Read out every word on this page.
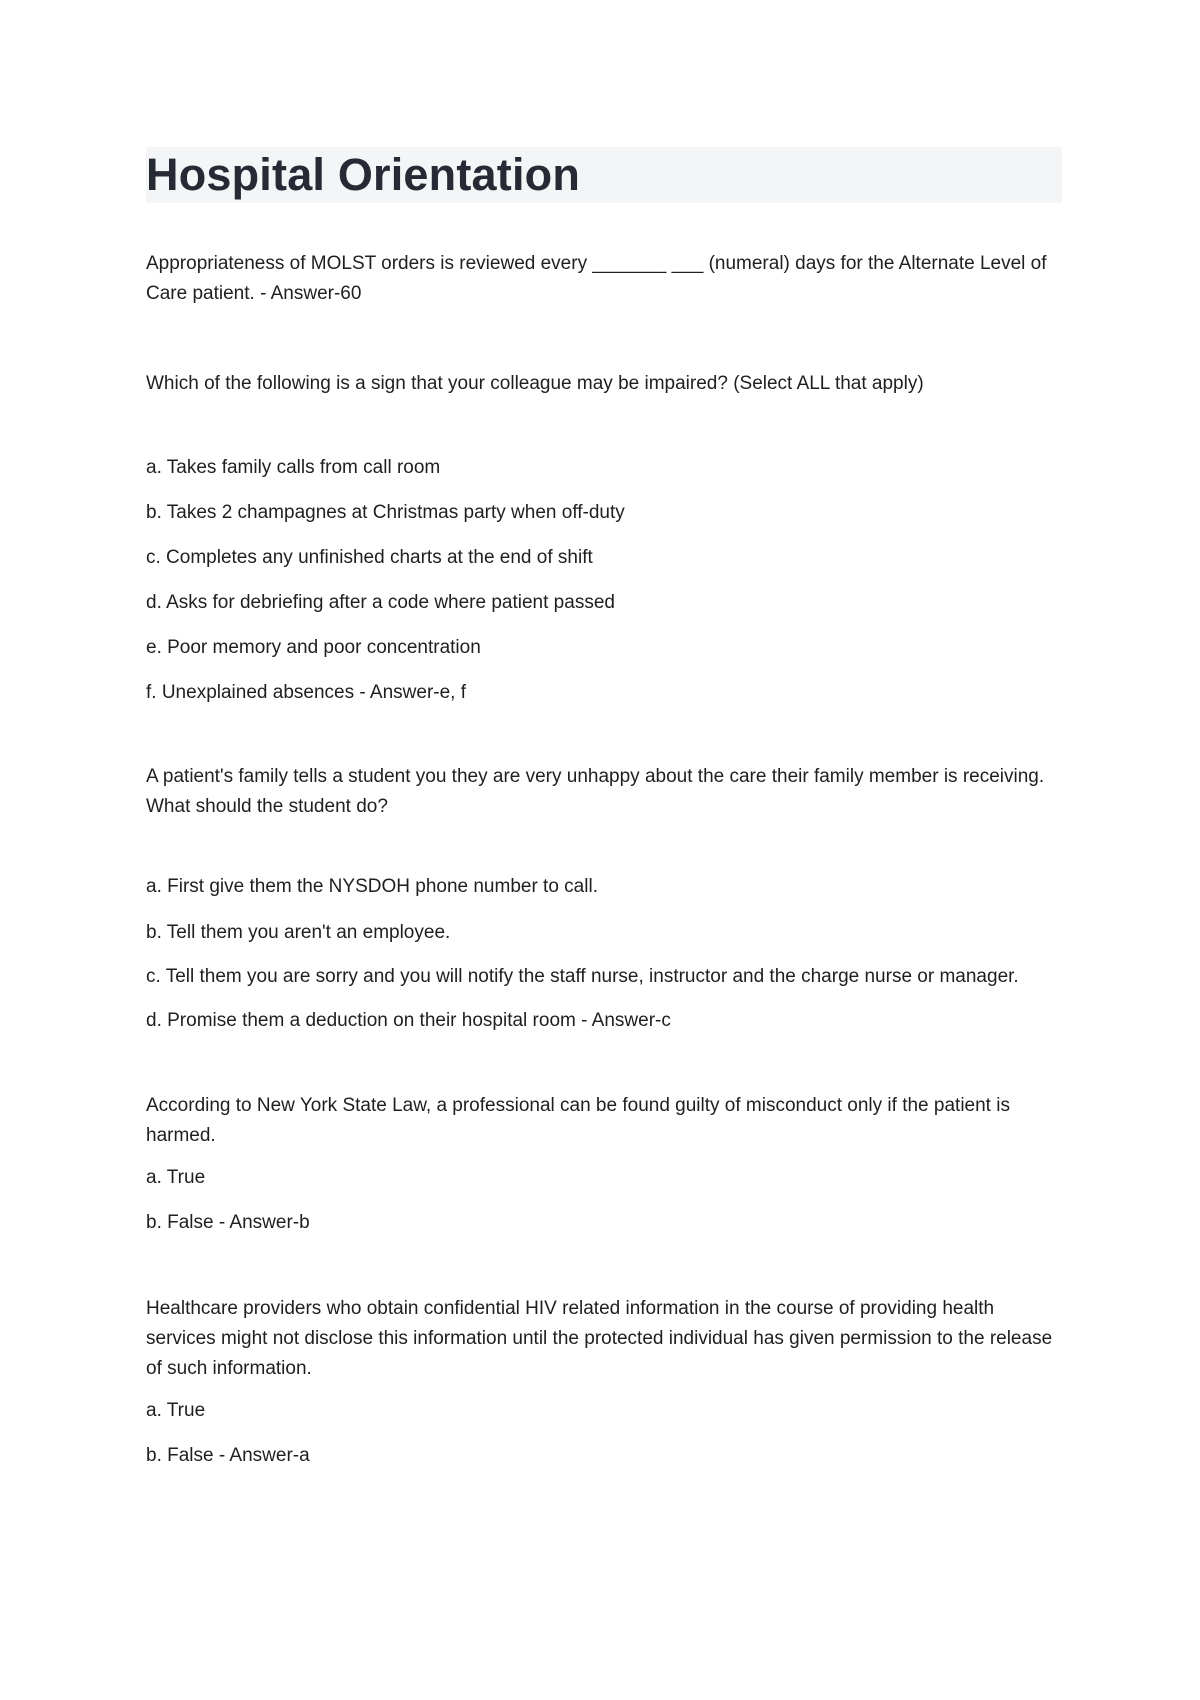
Hospital Orientation

Appropriateness of MOLST orders is reviewed every _______ ___ (numeral) days for the Alternate Level of Care patient. - Answer-60

Which of the following is a sign that your colleague may be impaired? (Select ALL that apply)

a. Takes family calls from call room

b. Takes 2 champagnes at Christmas party when off-duty

c. Completes any unfinished charts at the end of shift

d. Asks for debriefing after a code where patient passed

e. Poor memory and poor concentration

f. Unexplained absences - Answer-e, f

A patient's family tells a student you they are very unhappy about the care their family member is receiving. What should the student do?

a. First give them the NYSDOH phone number to call.

b. Tell them you aren't an employee.

c. Tell them you are sorry and you will notify the staff nurse, instructor and the charge nurse or manager.

d. Promise them a deduction on their hospital room - Answer-c

According to New York State Law, a professional can be found guilty of misconduct only if the patient is harmed.

a. True

b. False - Answer-b

Healthcare providers who obtain confidential HIV related information in the course of providing health services might not disclose this information until the protected individual has given permission to the release of such information.

a. True

b. False - Answer-a
